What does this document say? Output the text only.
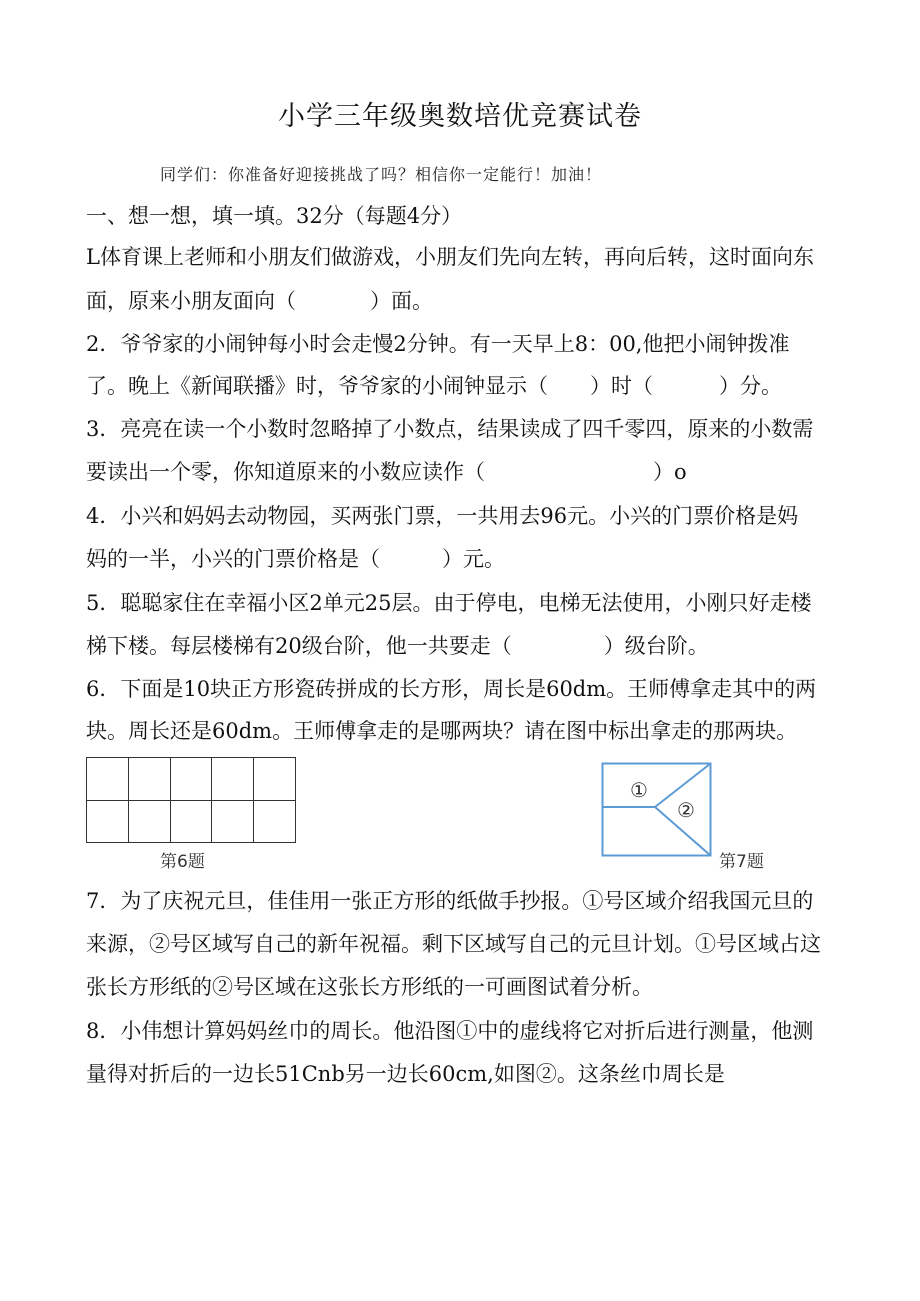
小学三年级奥数培优竞赛试卷
同学们：你准备好迎接挑战了吗？相信你一定能行！加油！
一、想一想，填一填。32分（每题4分）
L体育课上老师和小朋友们做游戏，小朋友们先向左转，再向后转，这时面向东
面，原来小朋友面向（	）面。
2．爷爷家的小闹钟每小时会走慢2分钟。有一天早上8：00,他把小闹钟拨准
了。晚上《新闻联播》时，爷爷家的小闹钟显示（ ）时（	）分。
3．亮亮在读一个小数时忽略掉了小数点，结果读成了四千零四，原来的小数需
要读出一个零，你知道原来的小数应读作（	）o
4．小兴和妈妈去动物园，买两张门票，一共用去96元。小兴的门票价格是妈
妈的一半，小兴的门票价格是（	）元。
5．聪聪家住在幸福小区2单元25层。由于停电，电梯无法使用，小刚只好走楼
梯下楼。每层楼梯有20级台阶，他一共要走（	）级台阶。
6．下面是10块正方形瓷砖拼成的长方形，周长是60dm。王师傅拿走其中的两
块。周长还是60dm。王师傅拿走的是哪两块？请在图中标出拿走的那两块。
第6题
①
②
第7题
7．为了庆祝元旦，佳佳用一张正方形的纸做手抄报。①号区域介绍我国元旦的
来源，②号区域写自己的新年祝福。剩下区域写自己的元旦计划。①号区域占这
张长方形纸的②号区域在这张长方形纸的一可画图试着分析。
8．小伟想计算妈妈丝巾的周长。他沿图①中的虚线将它对折后进行测量，他测
量得对折后的一边长51Cnb另一边长60cm,如图②。这条丝巾周长是
